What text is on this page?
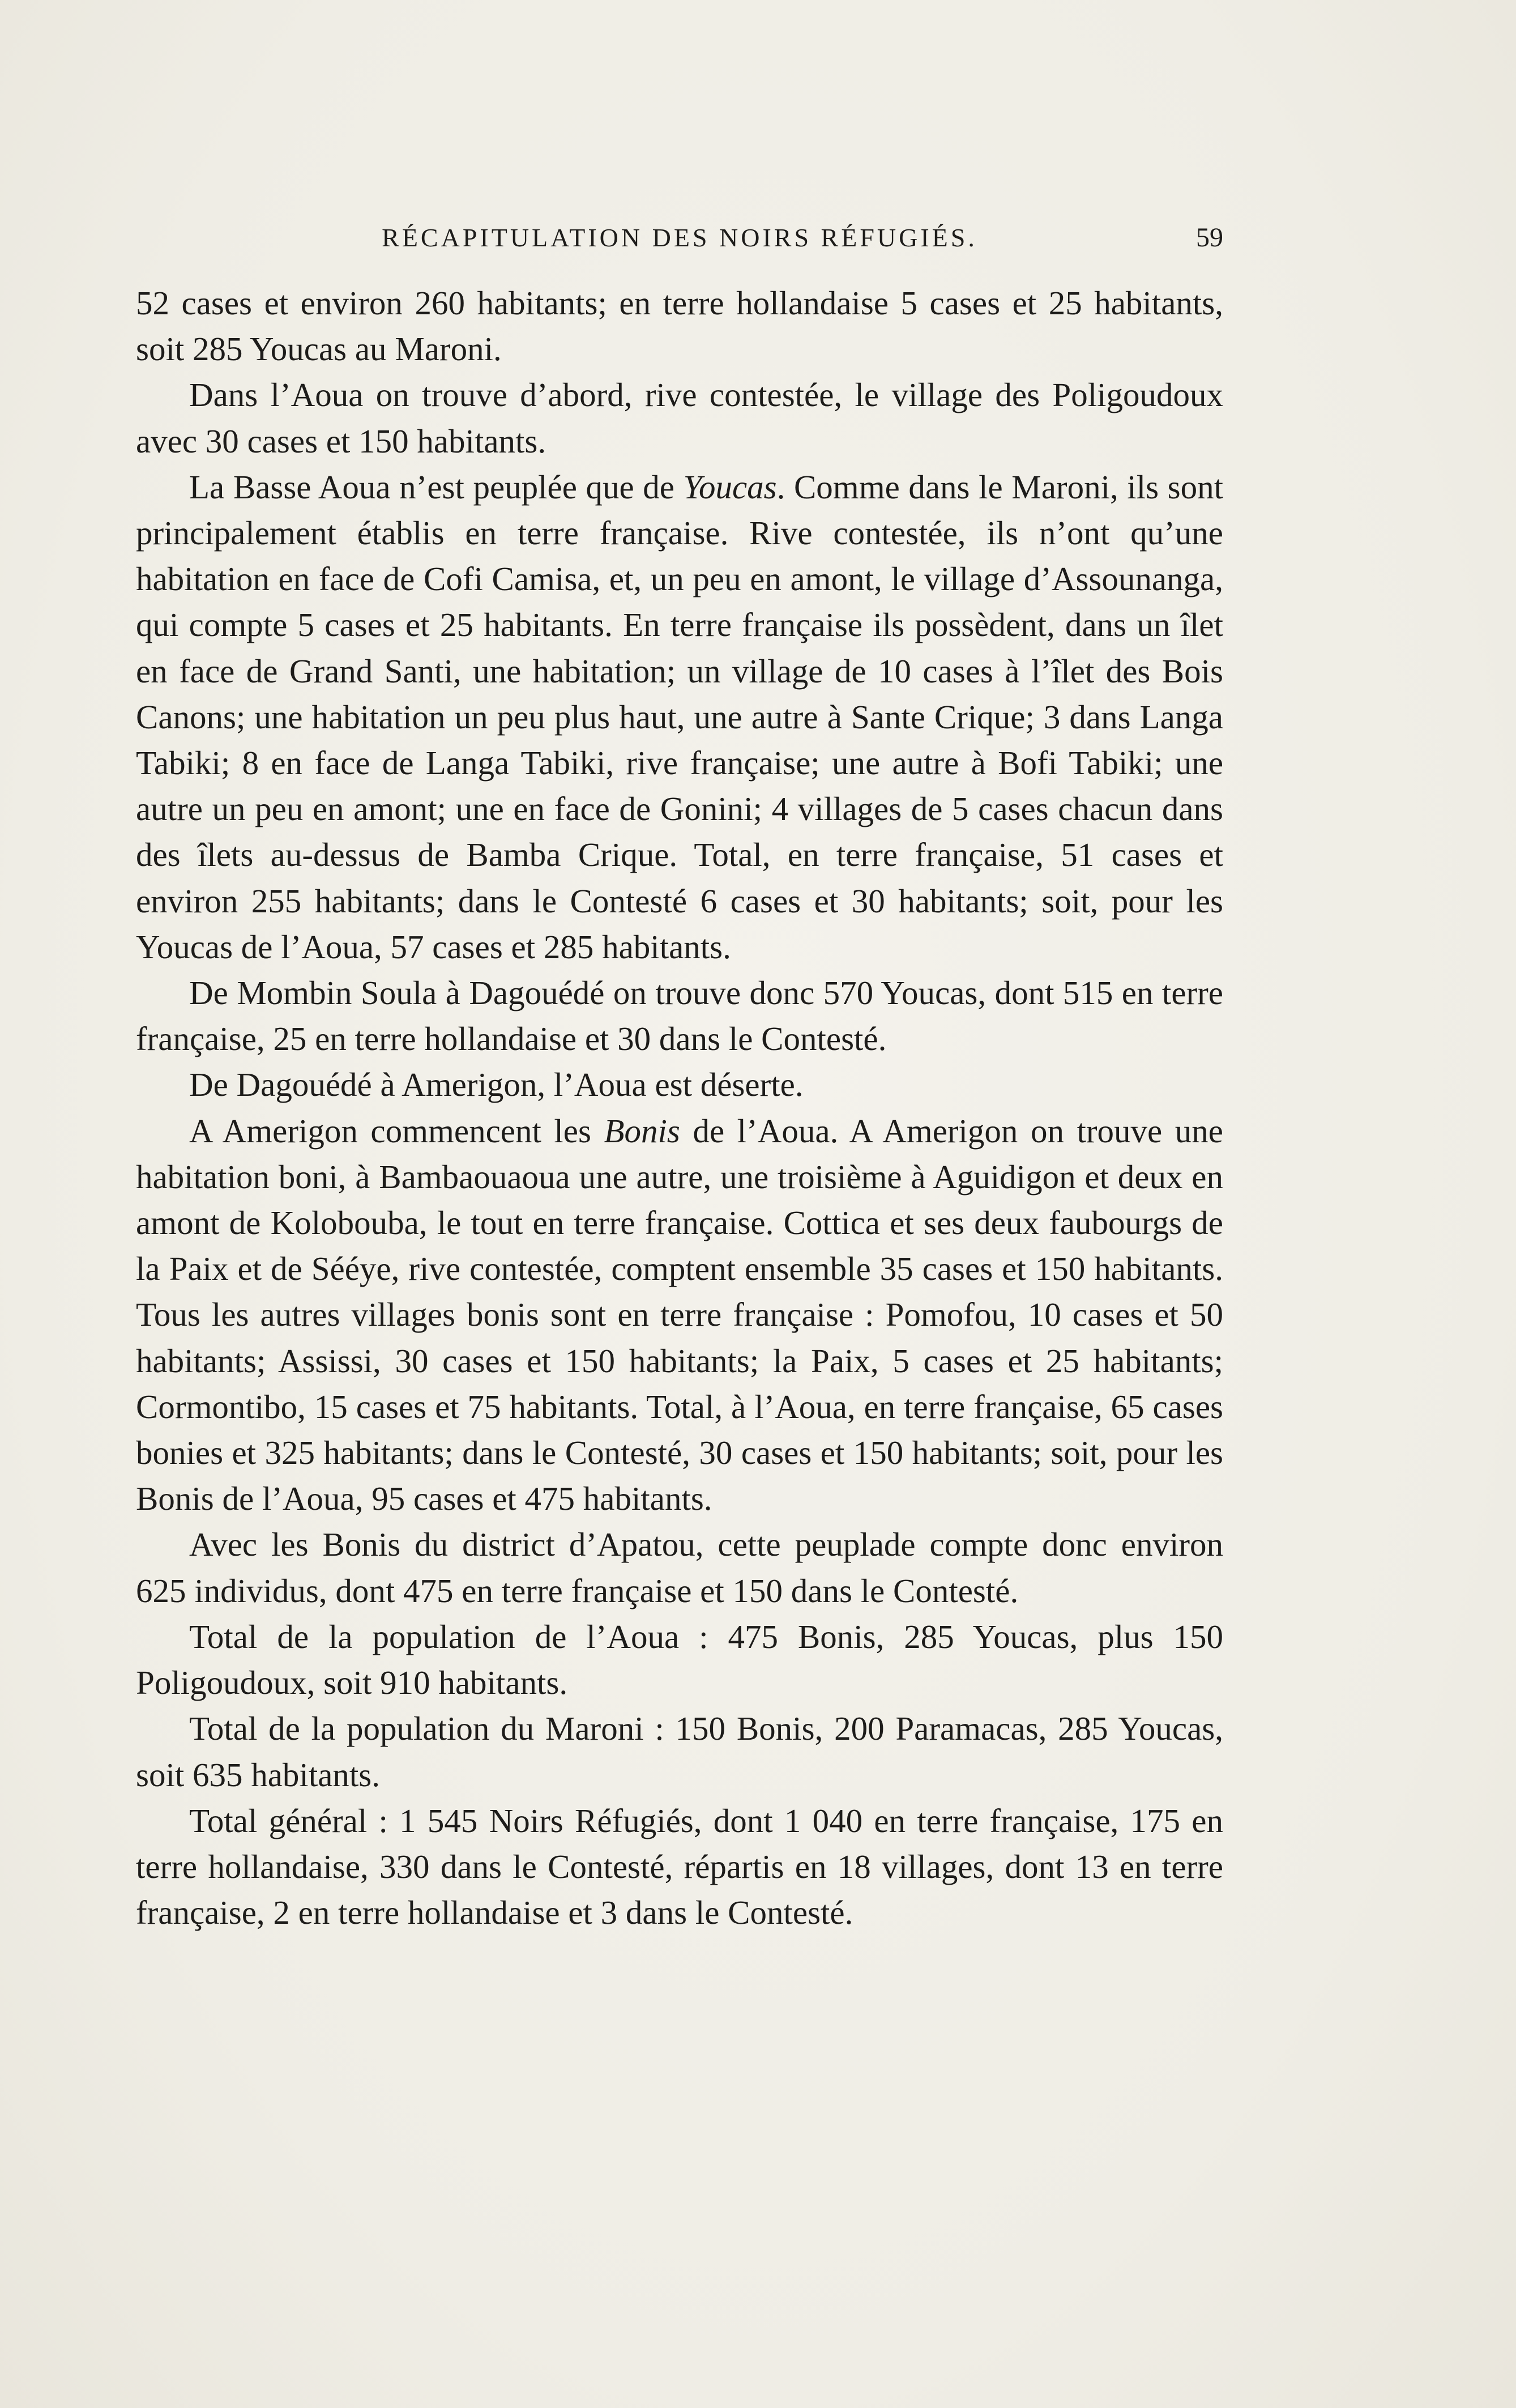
RÉCAPITULATION DES NOIRS RÉFUGIÉS.	59

52 cases et environ 260 habitants; en terre hollandaise 5 cases et 25 habitants, soit 285 Youcas au Maroni.

Dans l’Aoua on trouve d’abord, rive contestée, le village des Poligoudoux avec 30 cases et 150 habitants.

La Basse Aoua n’est peuplée que de Youcas. Comme dans le Maroni, ils sont principalement établis en terre française. Rive contestée, ils n’ont qu’une habitation en face de Cofi Camisa, et, un peu en amont, le village d’Assounanga, qui compte 5 cases et 25 habitants. En terre française ils possèdent, dans un îlet en face de Grand Santi, une habitation; un village de 10 cases à l’îlet des Bois Canons; une habitation un peu plus haut, une autre à Sante Crique; 3 dans Langa Tabiki; 8 en face de Langa Tabiki, rive française; une autre à Bofi Tabiki; une autre un peu en amont; une en face de Gonini; 4 villages de 5 cases chacun dans des îlets au-dessus de Bamba Crique. Total, en terre française, 51 cases et environ 255 habitants; dans le Contesté 6 cases et 30 habitants; soit, pour les Youcas de l’Aoua, 57 cases et 285 habitants.

De Mombin Soula à Dagouédé on trouve donc 570 Youcas, dont 515 en terre française, 25 en terre hollandaise et 30 dans le Contesté.

De Dagouédé à Amerigon, l’Aoua est déserte.

A Amerigon commencent les Bonis de l’Aoua. A Amerigon on trouve une habitation boni, à Bambaouaoua une autre, une troisième à Aguidigon et deux en amont de Kolobouba, le tout en terre française. Cottica et ses deux faubourgs de la Paix et de Sééye, rive contestée, comptent ensemble 35 cases et 150 habitants. Tous les autres villages bonis sont en terre française : Pomofou, 10 cases et 50 habitants; Assissi, 30 cases et 150 habitants; la Paix, 5 cases et 25 habitants; Cormontibo, 15 cases et 75 habitants. Total, à l’Aoua, en terre française, 65 cases bonies et 325 habitants; dans le Contesté, 30 cases et 150 habitants; soit, pour les Bonis de l’Aoua, 95 cases et 475 habitants.

Avec les Bonis du district d’Apatou, cette peuplade compte donc environ 625 individus, dont 475 en terre française et 150 dans le Contesté.

Total de la population de l’Aoua : 475 Bonis, 285 Youcas, plus 150 Poligoudoux, soit 910 habitants.

Total de la population du Maroni : 150 Bonis, 200 Paramacas, 285 Youcas, soit 635 habitants.

Total général : 1 545 Noirs Réfugiés, dont 1 040 en terre française, 175 en terre hollandaise, 330 dans le Contesté, répartis en 18 villages, dont 13 en terre française, 2 en terre hollandaise et 3 dans le Contesté.
